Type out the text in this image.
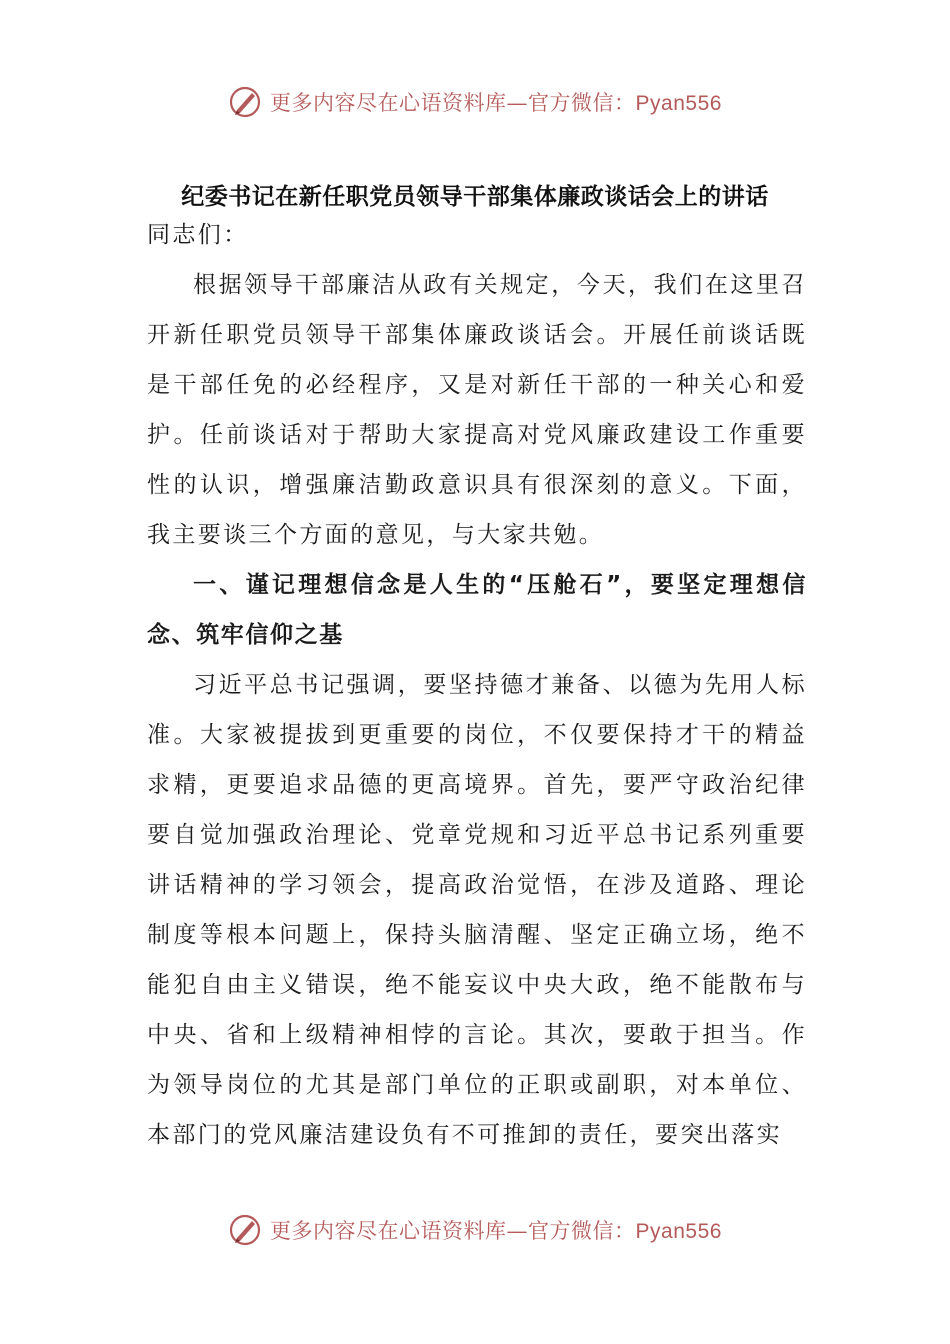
更多内容尽在心语资料库—官方微信：Pyan556
纪委书记在新任职党员领导干部集体廉政谈话会上的讲话

同志们：

根据领导干部廉洁从政有关规定，今天，我们在这里召开新任职党员领导干部集体廉政谈话会。开展任前谈话既是干部任免的必经程序，又是对新任干部的一种关心和爱护。任前谈话对于帮助大家提高对党风廉政建设工作重要性的认识，增强廉洁勤政意识具有很深刻的意义。下面，我主要谈三个方面的意见，与大家共勉。

一、谨记理想信念是人生的“压舱石”，要坚定理想信念、筑牢信仰之基

习近平总书记强调，要坚持德才兼备、以德为先用人标准。大家被提拔到更重要的岗位，不仅要保持才干的精益求精，更要追求品德的更高境界。首先，要严守政治纪律要自觉加强政治理论、党章党规和习近平总书记系列重要讲话精神的学习领会，提高政治觉悟，在涉及道路、理论制度等根本问题上，保持头脑清醒、坚定正确立场，绝不能犯自由主义错误，绝不能妄议中央大政，绝不能散布与中央、省和上级精神相悖的言论。其次，要敢于担当。作为领导岗位的尤其是部门单位的正职或副职，对本单位、本部门的党风廉洁建设负有不可推卸的责任，要突出落实

更多内容尽在心语资料库—官方微信：Pyan556
